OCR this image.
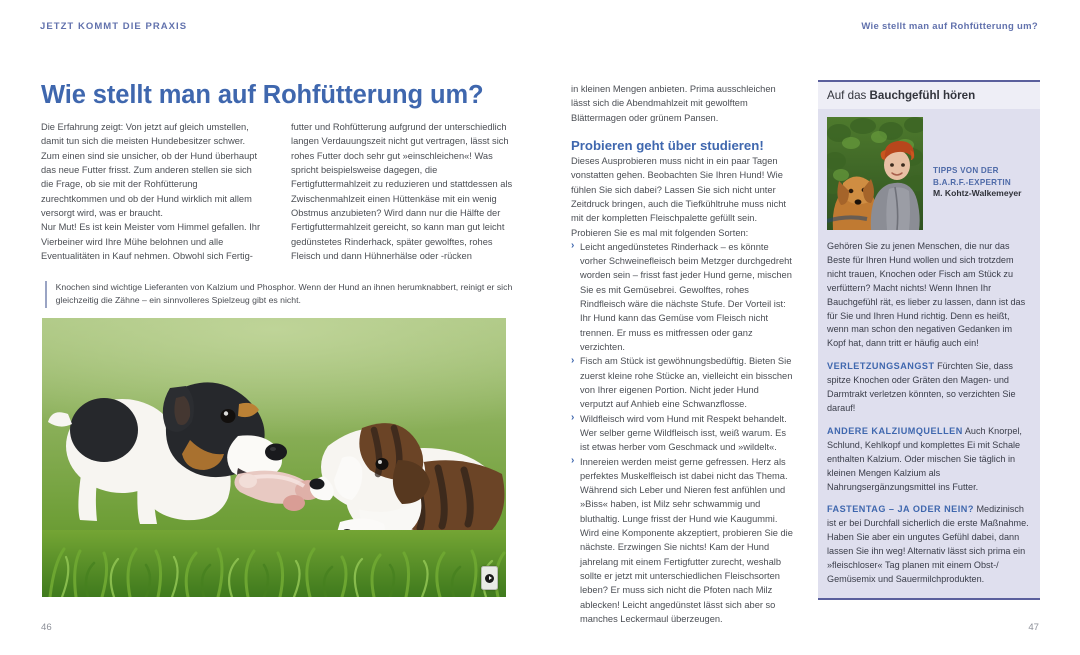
JETZT KOMMT DIE PRAXIS	Wie stellt man auf Rohfütterung um?
Wie stellt man auf Rohfütterung um?

Die Erfahrung zeigt: Von jetzt auf gleich umstellen, damit tun sich die meisten Hundebesitzer schwer. Zum einen sind sie unsicher, ob der Hund überhaupt das neue Futter frisst. Zum anderen stellen sie sich die Frage, ob sie mit der Rohfütterung zurechtkommen und ob der Hund wirklich mit allem versorgt wird, was er braucht.

Nur Mut! Es ist kein Meister vom Himmel gefallen. Ihr Vierbeiner wird Ihre Mühe belohnen und alle Eventualitäten in Kauf nehmen. Obwohl sich Fertig-

futter und Rohfütterung aufgrund der unterschiedlich langen Verdauungszeit nicht gut vertragen, lässt sich rohes Futter doch sehr gut »einschleichen«! Was spricht beispielsweise dagegen, die Fertigfuttermahlzeit zu reduzieren und stattdessen als Zwischenmahlzeit einen Hüttenkäse mit ein wenig Obstmus anzubieten? Wird dann nur die Hälfte der Fertigfuttermahlzeit gereicht, so kann man gut leicht gedünstetes Rinderhack, später gewolftes, rohes Fleisch und dann Hühnerhälse oder -rücken

in kleinen Mengen anbieten. Prima ausschleichen lässt sich die Abendmahlzeit mit gewolftem Blättermagen oder grünem Pansen.

Probieren geht über studieren!

Dieses Ausprobieren muss nicht in ein paar Tagen vonstatten gehen. Beobachten Sie Ihren Hund! Wie fühlen Sie sich dabei? Lassen Sie sich nicht unter Zeitdruck bringen, auch die Tiefkühltruhe muss nicht mit der kompletten Fleischpalette gefüllt sein. Probieren Sie es mal mit folgenden Sorten:

› Leicht angedünstetes Rinderhack – es könnte vorher Schweinefleisch beim Metzger durchgedreht worden sein – frisst fast jeder Hund gerne, mischen Sie es mit Gemüsebrei. Gewolftes, rohes Rindfleisch wäre die nächste Stufe. Der Vorteil ist: Ihr Hund kann das Gemüse vom Fleisch nicht trennen. Er muss es mitfressen oder ganz verzichten.

› Fisch am Stück ist gewöhnungsbedüftig. Bieten Sie zuerst kleine rohe Stücke an, vielleicht ein bisschen von Ihrer eigenen Portion. Nicht jeder Hund verputzt auf Anhieb eine Schwanzflosse.

› Wildfleisch wird vom Hund mit Respekt behandelt. Wer selber gerne Wildfleisch isst, weiß warum. Es ist etwas herber vom Geschmack und »wildelt«.

› Innereien werden meist gerne gefressen. Herz als perfektes Muskelfleisch ist dabei nicht das Thema. Während sich Leber und Nieren fest anfühlen und »Biss« haben, ist Milz sehr schwammig und bluthaltig. Lunge frisst der Hund wie Kaugummi. Wird eine Komponente akzeptiert, probieren Sie die nächste. Erzwingen Sie nichts! Kam der Hund jahrelang mit einem Fertigfutter zurecht, weshalb sollte er jetzt mit unterschiedlichen Fleischsorten leben? Er muss sich nicht die Pfoten nach Milz ablecken! Leicht angedünstet lässt sich aber so manches Leckermaul überzeugen.

Knochen sind wichtige Lieferanten von Kalzium und Phosphor. Wenn der Hund an ihnen herumknabbert, reinigt er sich gleichzeitig die Zähne – ein sinnvolleres Spielzeug gibt es nicht.
Auf das Bauchgefühl hören
TIPPS VON DER
B.A.R.F.-EXPERTIN
M. Kohtz-Walkemeyer

Gehören Sie zu jenen Menschen, die nur das Beste für Ihren Hund wollen und sich trotzdem nicht trauen, Knochen oder Fisch am Stück zu verfüttern? Macht nichts! Wenn Ihnen Ihr Bauchgefühl rät, es lieber zu lassen, dann ist das für Sie und Ihren Hund richtig. Denn es heißt, wenn man schon den negativen Gedanken im Kopf hat, dann tritt er häufig auch ein!

VERLETZUNGSANGST Fürchten Sie, dass spitze Knochen oder Gräten den Magen- und Darmtrakt verletzen könnten, so verzichten Sie darauf!

ANDERE KALZIUMQUELLEN Auch Knorpel, Schlund, Kehlkopf und komplettes Ei mit Schale enthalten Kalzium. Oder mischen Sie täglich in kleinen Mengen Kalzium als Nahrungsergänzungsmittel ins Futter.

FASTENTAG – JA ODER NEIN? Medizinisch ist er bei Durchfall sicherlich die erste Maßnahme. Haben Sie aber ein ungutes Gefühl dabei, dann lassen Sie ihn weg! Alternativ lässt sich prima ein »fleischloser« Tag planen mit einem Obst-/ Gemüsemix und Sauermilchprodukten.

46	47
